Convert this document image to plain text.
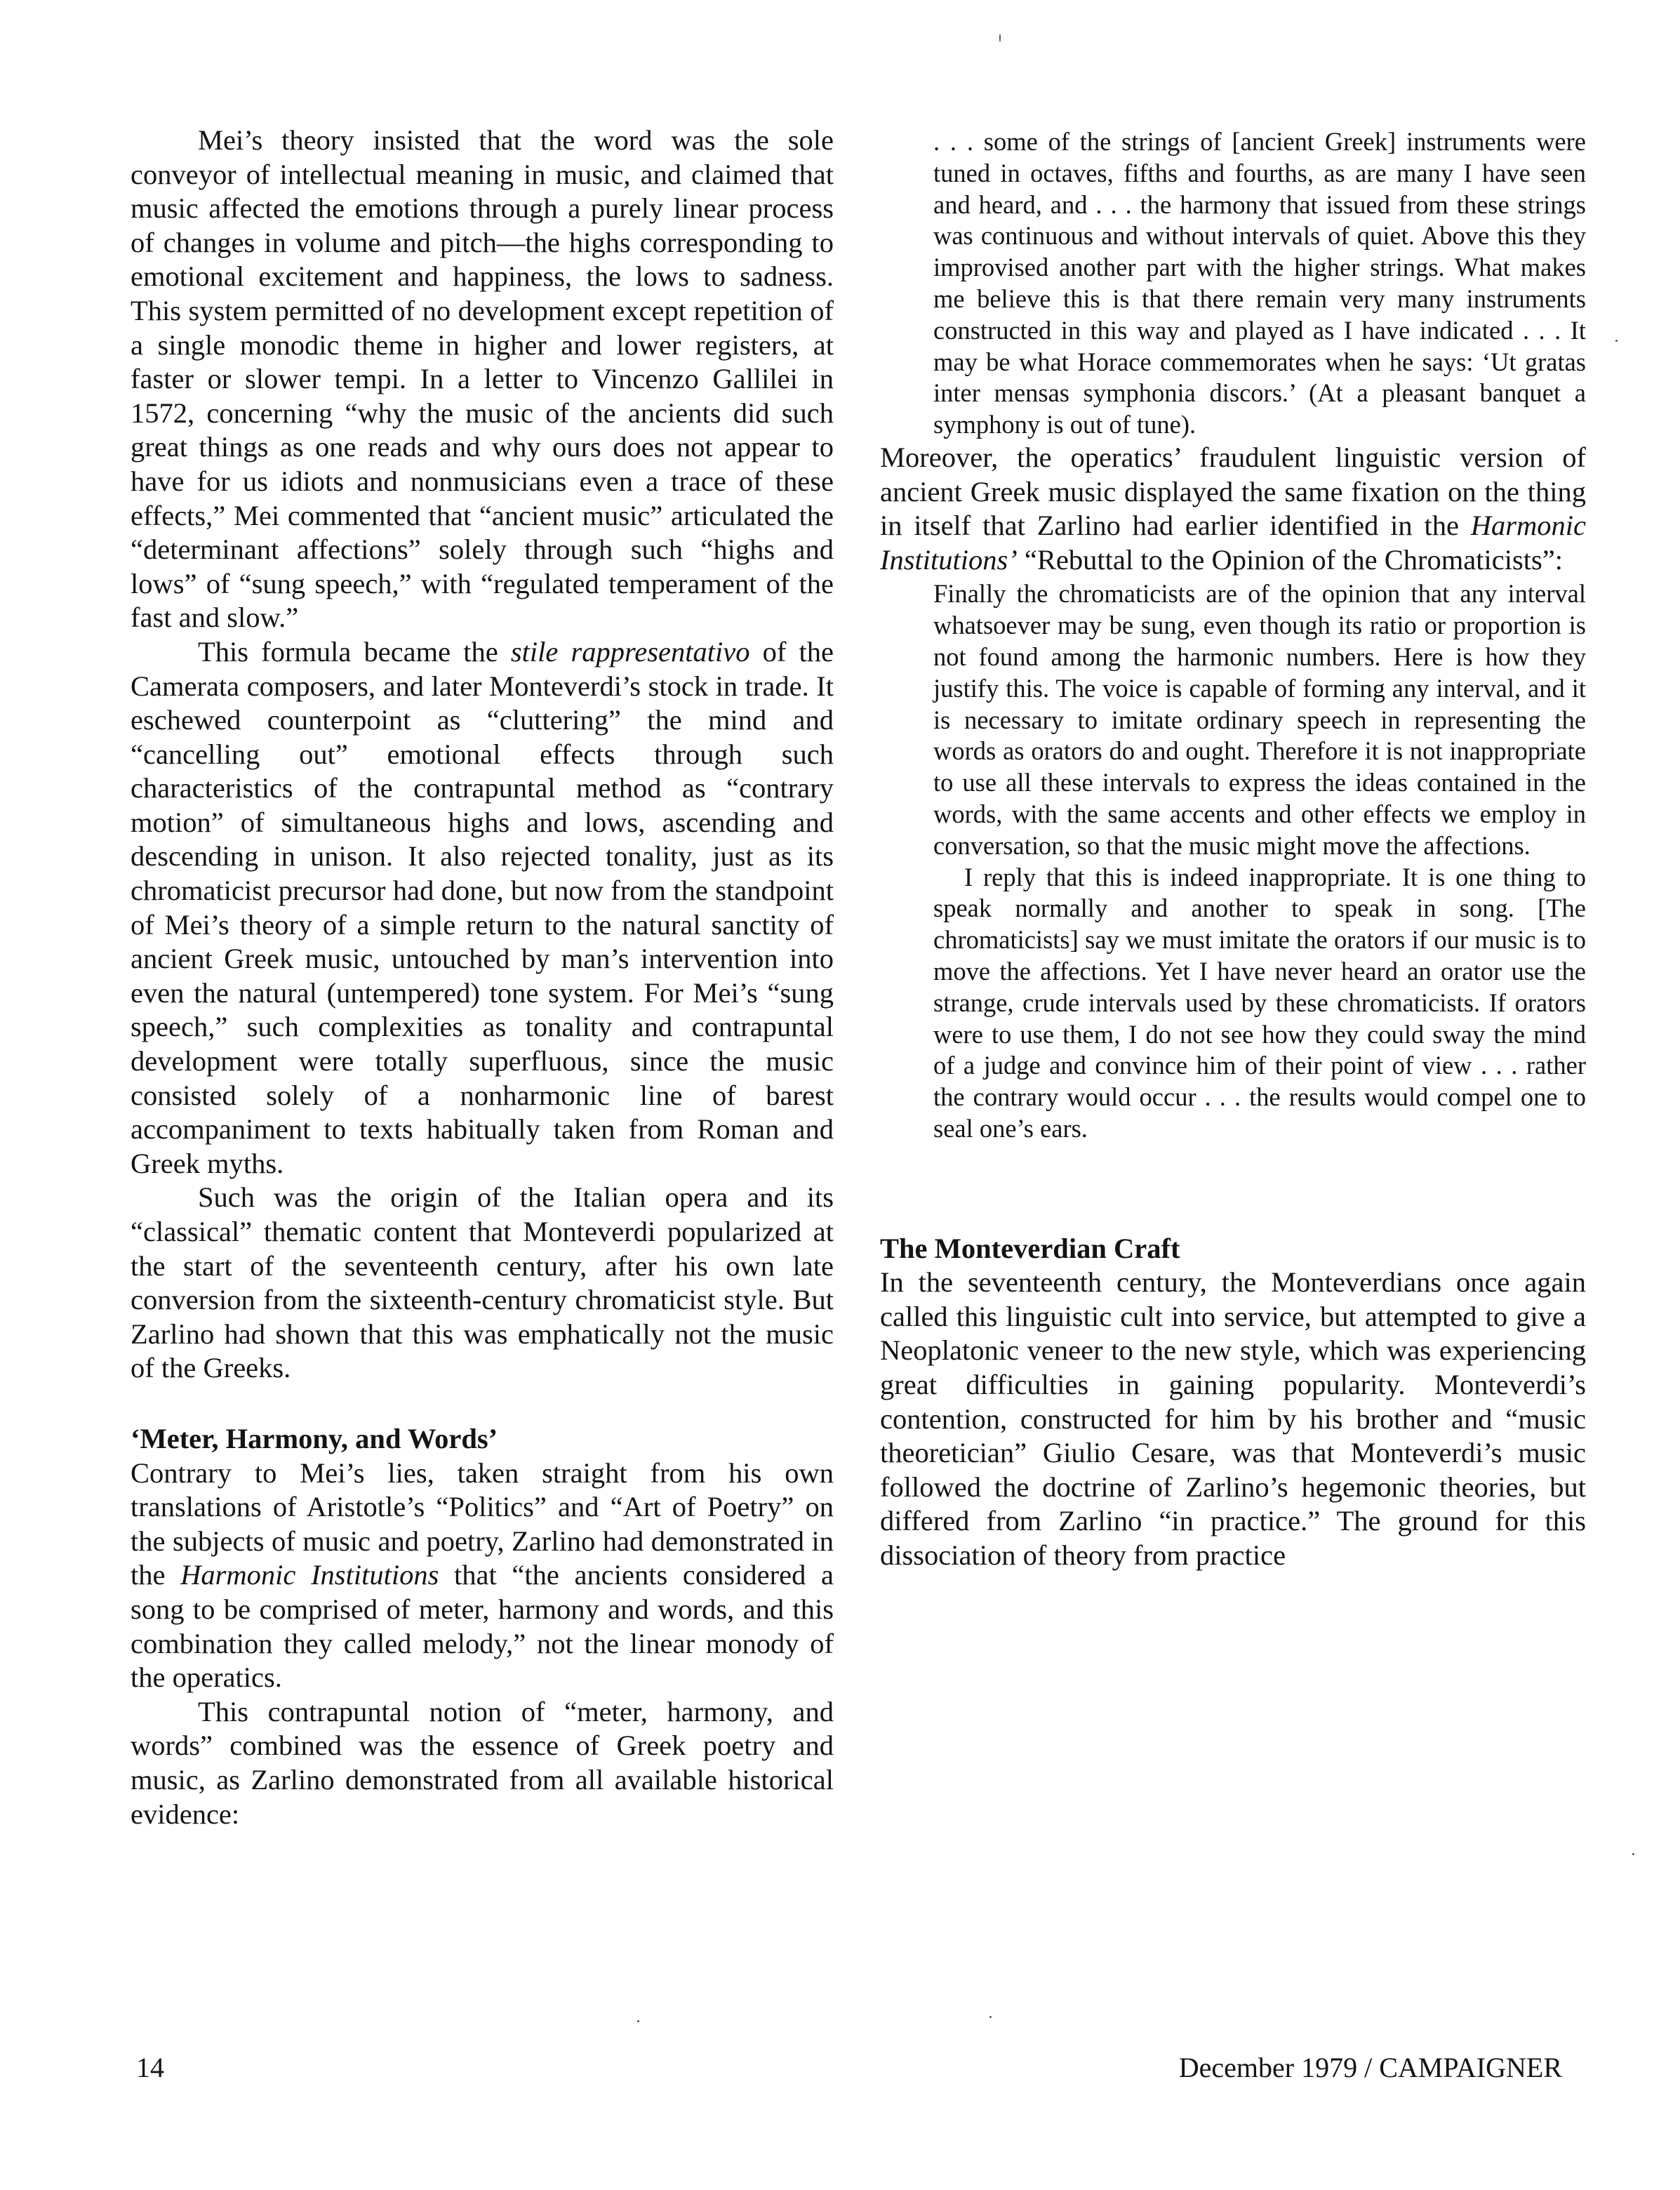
Mei’s theory insisted that the word was the sole conveyor of intellectual meaning in music, and claimed that music affected the emotions through a purely linear process of changes in volume and pitch—the highs corresponding to emotional excitement and happiness, the lows to sadness. This system permitted of no development except repetition of a single monodic theme in higher and lower registers, at faster or slower tempi. In a letter to Vincenzo Gallilei in 1572, concerning “why the music of the ancients did such great things as one reads and why ours does not appear to have for us idiots and nonmusicians even a trace of these effects,” Mei commented that “ancient music” articulated the “determinant affections” solely through such “highs and lows” of “sung speech,” with “regulated temperament of the fast and slow.”

This formula became the stile rappresentativo of the Camerata composers, and later Monteverdi’s stock in trade. It eschewed counterpoint as “cluttering” the mind and “cancelling out” emotional effects through such characteristics of the contrapuntal method as “contrary motion” of simultaneous highs and lows, ascending and descending in unison. It also rejected tonality, just as its chromaticist precursor had done, but now from the standpoint of Mei’s theory of a simple return to the natural sanctity of ancient Greek music, untouched by man’s intervention into even the natural (untempered) tone system. For Mei’s “sung speech,” such complexities as tonality and contrapuntal development were totally superfluous, since the music consisted solely of a nonharmonic line of barest accompaniment to texts habitually taken from Roman and Greek myths.

Such was the origin of the Italian opera and its “classical” thematic content that Monteverdi popularized at the start of the seventeenth century, after his own late conversion from the sixteenth-century chromaticist style. But Zarlino had shown that this was emphatically not the music of the Greeks.

‘Meter, Harmony, and Words’

Contrary to Mei’s lies, taken straight from his own translations of Aristotle’s “Politics” and “Art of Poetry” on the subjects of music and poetry, Zarlino had demonstrated in the Harmonic Institutions that “the ancients considered a song to be comprised of meter, harmony and words, and this combination they called melody,” not the linear monody of the operatics.

This contrapuntal notion of “meter, harmony, and words” combined was the essence of Greek poetry and music, as Zarlino demonstrated from all available historical evidence:

. . . some of the strings of [ancient Greek] instruments were tuned in octaves, fifths and fourths, as are many I have seen and heard, and . . . the harmony that issued from these strings was continuous and without intervals of quiet. Above this they improvised another part with the higher strings. What makes me believe this is that there remain very many instruments constructed in this way and played as I have indicated . . . It may be what Horace commemorates when he says: ‘Ut gratas inter mensas symphonia discors.’ (At a pleasant banquet a symphony is out of tune).

Moreover, the operatics’ fraudulent linguistic version of ancient Greek music displayed the same fixation on the thing in itself that Zarlino had earlier identified in the Harmonic Institutions’ “Rebuttal to the Opinion of the Chromaticists”:

Finally the chromaticists are of the opinion that any interval whatsoever may be sung, even though its ratio or proportion is not found among the harmonic numbers. Here is how they justify this. The voice is capable of forming any interval, and it is necessary to imitate ordinary speech in representing the words as orators do and ought. Therefore it is not inappropriate to use all these intervals to express the ideas contained in the words, with the same accents and other effects we employ in conversation, so that the music might move the affections.

I reply that this is indeed inappropriate. It is one thing to speak normally and another to speak in song. [The chromaticists] say we must imitate the orators if our music is to move the affections. Yet I have never heard an orator use the strange, crude intervals used by these chromaticists. If orators were to use them, I do not see how they could sway the mind of a judge and convince him of their point of view . . . rather the contrary would occur . . . the results would compel one to seal one’s ears.

The Monteverdian Craft

In the seventeenth century, the Monteverdians once again called this linguistic cult into service, but attempted to give a Neoplatonic veneer to the new style, which was experiencing great difficulties in gaining popularity. Monteverdi’s contention, constructed for him by his brother and “music theoretician” Giulio Cesare, was that Monteverdi’s music followed the doctrine of Zarlino’s hegemonic theories, but differed from Zarlino “in practice.” The ground for this dissociation of theory from practice

14	December 1979 / CAMPAIGNER
